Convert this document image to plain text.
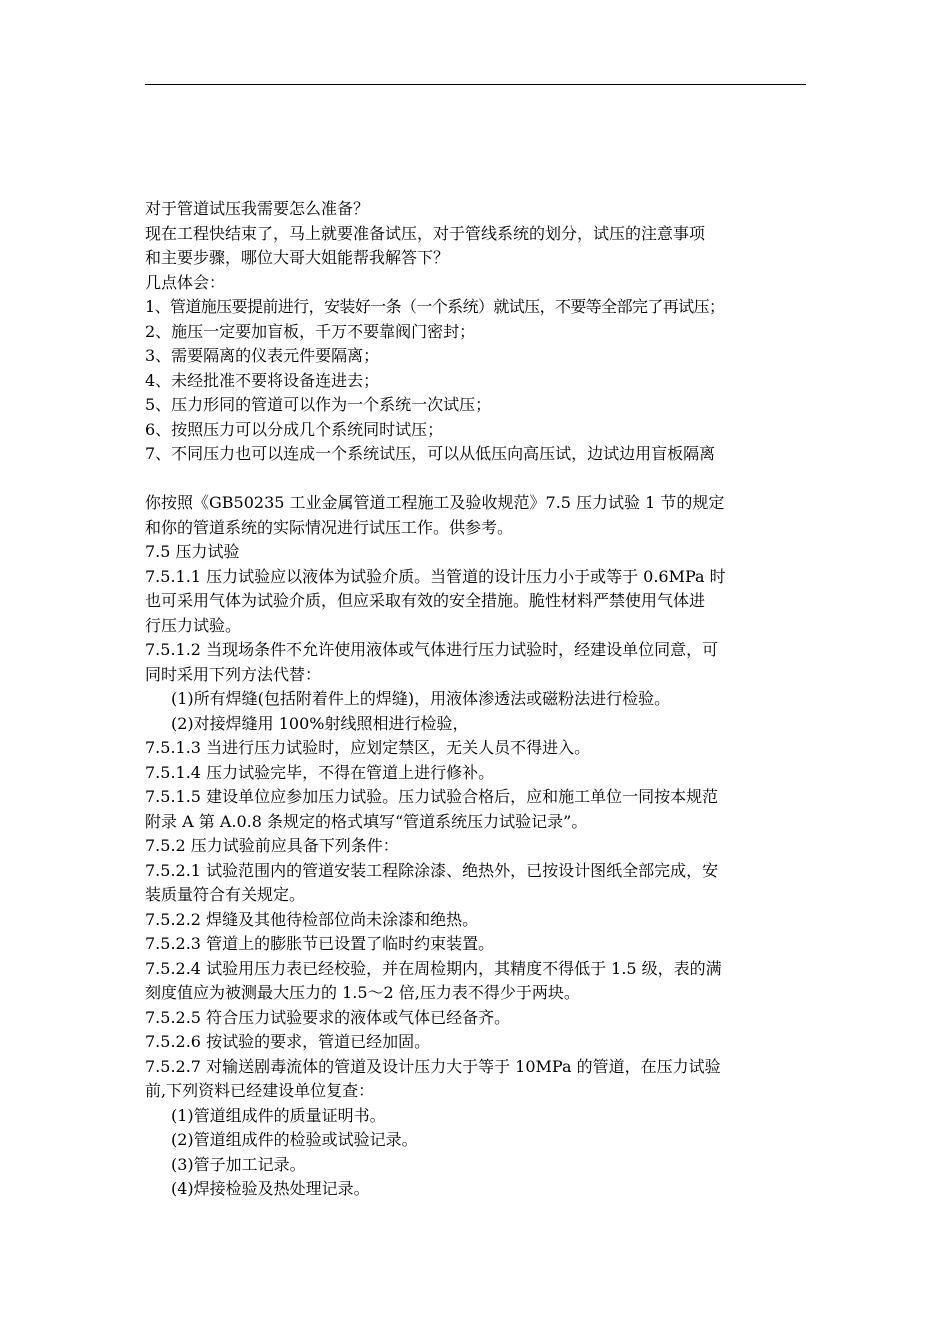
对于管道试压我需要怎么准备？
现在工程快结束了，马上就要准备试压，对于管线系统的划分，试压的注意事项
和主要步骤，哪位大哥大姐能帮我解答下？
几点体会：
1、管道施压要提前进行，安装好一条（一个系统）就试压，不要等全部完了再试压；
2、施压一定要加盲板，千万不要靠阀门密封；
3、需要隔离的仪表元件要隔离；
4、未经批准不要将设备连进去；
5、压力形同的管道可以作为一个系统一次试压；
6、按照压力可以分成几个系统同时试压；
7、不同压力也可以连成一个系统试压，可以从低压向高压试，边试边用盲板隔离
你按照《GB50235 工业金属管道工程施工及验收规范》7.5 压力试验 1 节的规定
和你的管道系统的实际情况进行试压工作。供参考。
7.5 压力试验
7.5.1.1 压力试验应以液体为试验介质。当管道的设计压力小于或等于 0.6MPa 时
也可采用气体为试验介质，但应采取有效的安全措施。脆性材料严禁使用气体进
行压力试验。
7.5.1.2 当现场条件不允许使用液体或气体进行压力试验时，经建设单位同意，可
同时采用下列方法代替：
(1)所有焊缝(包括附着件上的焊缝)，用液体渗透法或磁粉法进行检验。
(2)对接焊缝用 100%射线照相进行检验，
7.5.1.3 当进行压力试验时，应划定禁区，无关人员不得进入。
7.5.1.4 压力试验完毕，不得在管道上进行修补。
7.5.1.5 建设单位应参加压力试验。压力试验合格后，应和施工单位一同按本规范
附录 A 第 A.0.8 条规定的格式填写“管道系统压力试验记录”。
7.5.2 压力试验前应具备下列条件：
7.5.2.1 试验范围内的管道安装工程除涂漆、绝热外，已按设计图纸全部完成，安
装质量符合有关规定。
7.5.2.2 焊缝及其他待检部位尚未涂漆和绝热。
7.5.2.3 管道上的膨胀节已设置了临时约束装置。
7.5.2.4 试验用压力表已经校验，并在周检期内，其精度不得低于 1.5 级，表的满
刻度值应为被测最大压力的 1.5～2 倍,压力表不得少于两块。
7.5.2.5 符合压力试验要求的液体或气体已经备齐。
7.5.2.6 按试验的要求，管道已经加固。
7.5.2.7 对输送剧毒流体的管道及设计压力大于等于 10MPa 的管道，在压力试验
前,下列资料已经建设单位复查：
(1)管道组成件的质量证明书。
(2)管道组成件的检验或试验记录。
(3)管子加工记录。
(4)焊接检验及热处理记录。
